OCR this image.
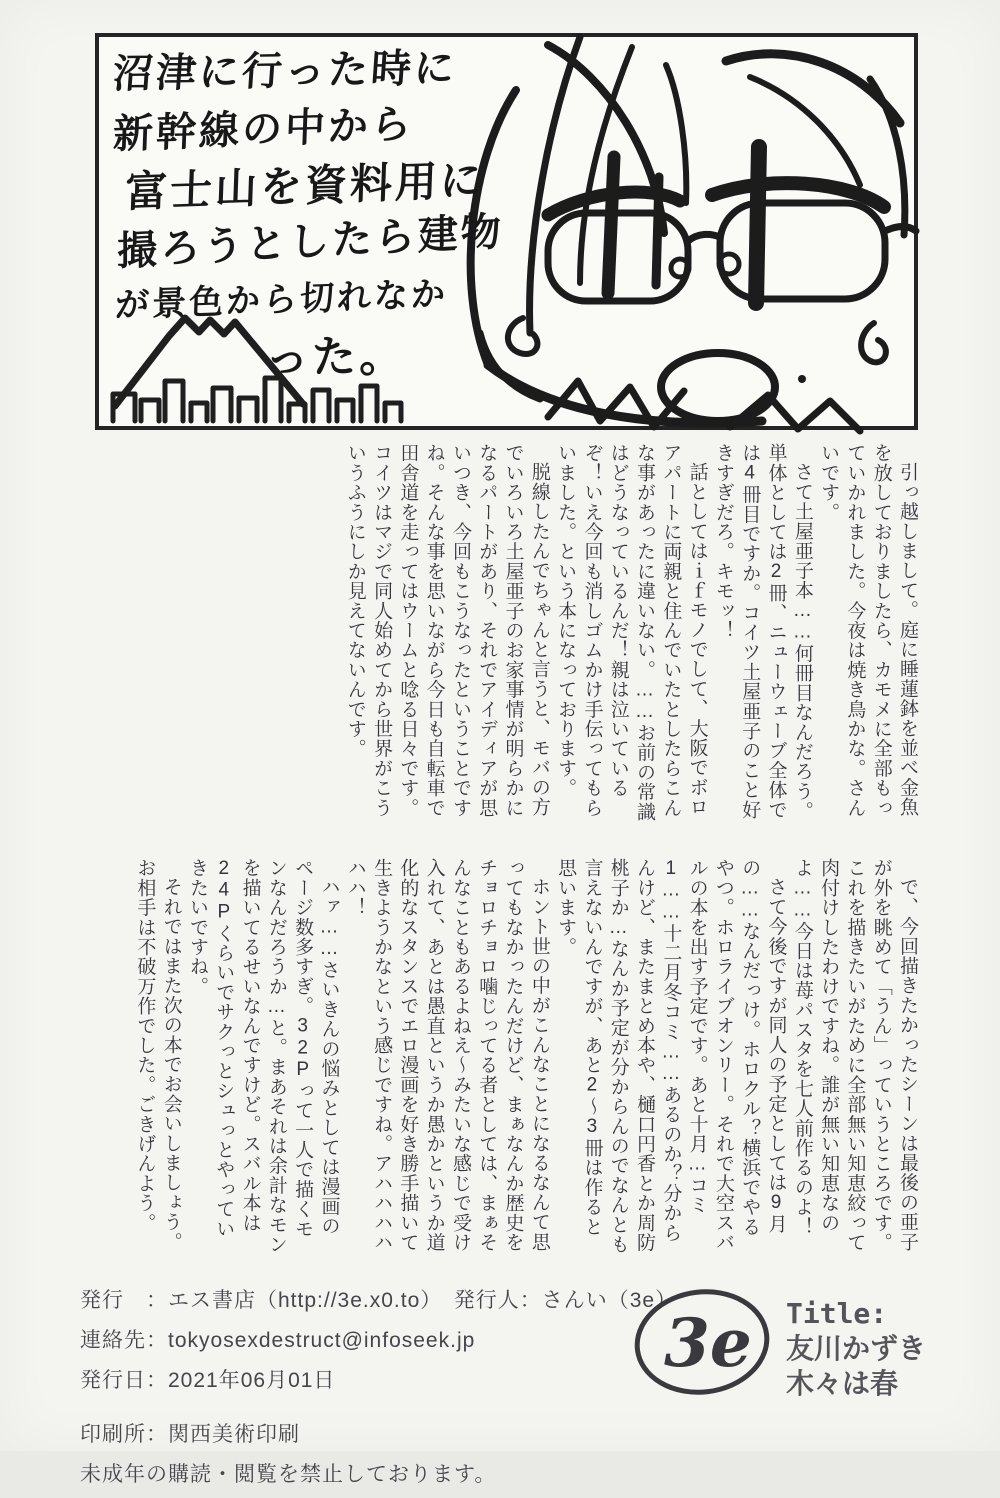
沼津に行った時に

新幹線の中から

富士山を資料用に

撮ろうとしたら建物

が景色から切れなか

った。

引っ越しまして。庭に睡蓮鉢を並べ金魚を放しておりましたら、カモメに全部もっていかれました。今夜は焼き鳥かな。さんいです。

さて土屋亜子本……何冊目なんだろう。単体としては2冊、ニューウェーブ全体では4冊目ですか。コイツ土屋亜子のこと好きすぎだろ。キモッ！

話としてはｉｆモノでして、大阪でボロアパートに両親と住んでいたとしたらこんな事があったに違いない。……お前の常識はどうなっているんだ！親は泣いているぞ！いえ今回も消しゴムかけ手伝ってもらいました。という本になっております。

脱線したんでちゃんと言うと、モバの方でいろいろ土屋亜子のお家事情が明らかになるパートがあり、それでアイディアが思いつき、今回もこうなったということですね。そんな事を思いながら今日も自転車で田舎道を走ってはウームと唸る日々です。コイツはマジで同人始めてから世界がこういうふうにしか見えてないんです。

で、今回描きたかったシーンは最後の亜子が外を眺めて「うん」っていうところです。これを描きたいがために全部無い知恵絞って肉付けしたわけですね。誰が無い知恵なのよ……今日は苺パスタを七人前作るのよ！

さて今後ですが同人の予定としては9月の……なんだっけ。ホロクル？横浜でやるやつ。ホロライブオンリー。それで大空スバルの本を出す予定です。あと十月…コミ1……十二月冬コミ……あるのか？分からんけど、またまとめ本や、樋口円香とか周防桃子か…なんか予定が分からんのでなんとも言えないんですが、あと2～3冊は作ると思います。

ホント世の中がこんなことになるなんて思ってもなかったんだけど、まぁなんか歴史をチョロチョロ噛じってる者としては、まぁそんなこともあるよねえ～みたいな感じで受け入れて、あとは愚直というか愚かというか道化的なスタンスでエロ漫画を好き勝手描いて生きようかなという感じですね。アハハハハハハ！

ハァ……さいきんの悩みとしては漫画のページ数多すぎ。32Pって一人で描くモンなんだろうか…と。まあそれは余計なモンを描いてるせいなんですけど。スバル本は24Pくらいでサクっとシュっとやっていきたいですね。

それではまた次の本でお会いしましょう。お相手は不破万作でした。ごきげんよう。

発行　：エス書店（http://3e.x0.to）　発行人：さんい（3e）

連絡先：tokyosexdestruct@infoseek.jp

発行日：2021年06月01日

印刷所：関西美術印刷

未成年の購読・閲覧を禁止しております。

3e Title:

友川かずき

木々は春
